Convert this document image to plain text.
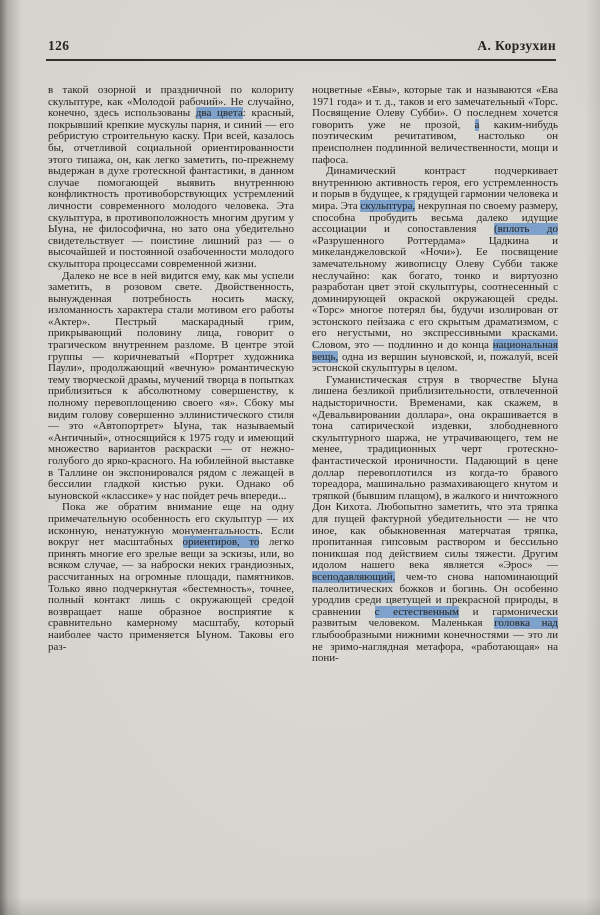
126	А. Корзухин

в такой озорной и праздничной по колориту скульптуре, как «Молодой рабочий». Не случайно, конечно, здесь использованы два цвета: красный, покрывший крепкие мускулы парня, и синий — его ребристую строительную каску. При всей, казалось бы, отчетливой социальной ориентированности этого типажа, он, как легко заметить, по-прежнему выдержан в духе гротескной фантастики, в данном случае помогающей выявить внутреннюю конфликтность противоборствующих устремлений личности современного молодого человека. Эта скульптура, в противоположность многим другим у Ыуна, не философична, но зато она убедительно свидетельствует — поистине лишний раз — о высочайшей и постоянной озабоченности молодого скульптора процессами современной жизни.

Далеко не все в ней видится ему, как мы успели заметить, в розовом свете. Двойственность, вынужденная потребность носить маску, изломанность характера стали мотивом его работы «Актер». Пестрый маскарадный грим, прикрывающий половину лица, говорит о трагическом внутреннем разломе. В центре этой группы — коричневатый «Портрет художника Паули», продолжающий «вечную» романтическую тему творческой драмы, мучений творца в попытках приблизиться к абсолютному совершенству, к полному перевоплощению своего «я». Сбоку мы видим голову совершенно эллинистического стиля — это «Автопортрет» Ыуна, так называемый «Античный», относящийся к 1975 году и имеющий множество вариантов раскраски — от нежно-голубого до ярко-красного. На юбилейной выставке в Таллине он экспонировался рядом с лежащей в бессилии гладкой кистью руки. Однако об ыуновской «классике» у нас пойдет речь впереди...

Пока же обратим внимание еще на одну примечательную особенность его скульптур — их исконную, ненатужную монументальность. Если вокруг нет масштабных ориентиров, то легко принять многие его зрелые вещи за эскизы, или, во всяком случае, — за наброски неких грандиозных, рассчитанных на огромные площади, памятников. Только явно подчеркнутая «бестемность», точнее, полный контакт лишь с окружающей средой возвращает наше образное восприятие к сравнительно камерному масштабу, который наиболее часто применяется Ыуном. Таковы его раз-

ноцветные «Евы», которые так и называются «Ева 1971 года» и т. д., таков и его замечательный «Торс. Посвящение Олеву Субби». О последнем хочется говорить уже не прозой, а каким-нибудь поэтическим речитативом, настолько он преисполнен подлинной величественности, мощи и пафоса.

Динамический контраст подчеркивает внутреннюю активность героя, его устремленность и порыв в будущее, к грядущей гармонии человека и мира. Эта скульптура, некрупная по своему размеру, способна пробудить весьма далеко идущие ассоциации и сопоставления (вплоть до «Разрушенного Роттердама» Цадкина и микеланджеловской «Ночи»). Ее посвящение замечательному живописцу Олеву Субби также неслучайно: как богато, тонко и виртуозно разработан цвет этой скульптуры, соотнесенный с доминирующей окраской окружающей среды. «Торс» многое потерял бы, будучи изолирован от эстонского пейзажа с его скрытым драматизмом, с его негустыми, но экспрессивными красками. Словом, это — подлинно и до конца национальная вещь, одна из вершин ыуновской, и, пожалуй, всей эстонской скульптуры в целом.

Гуманистическая струя в творчестве Ыуна лишена безликой приблизительности, отвлеченной надысторичности. Временами, как скажем, в «Девальвировании доллара», она окрашивается в тона сатирической издевки, злободневного скульптурного шаржа, не утрачивающего, тем не менее, традиционных черт гротескно-фантастической ироничности. Падающий в цене доллар перевоплотился из когда-то бравого тореадора, машинально размахивающего кнутом и тряпкой (бывшим плащом), в жалкого и ничтожного Дон Кихота. Любопытно заметить, что эта тряпка для пущей фактурной убедительности — не что иное, как обыкновенная матерчатая тряпка, пропитанная гипсовым раствором и бессильно поникшая под действием силы тяжести. Другим идолом нашего века является «Эрос» — всеподавляющий, чем-то снова напоминающий палеолитических божков и богинь. Он особенно уродлив среди цветущей и прекрасной природы, в сравнении с естественным и гармонически развитым человеком. Маленькая головка над глыбообразными нижними конечностями — это ли не зримо-наглядная метафора, «работающая» на пони-
